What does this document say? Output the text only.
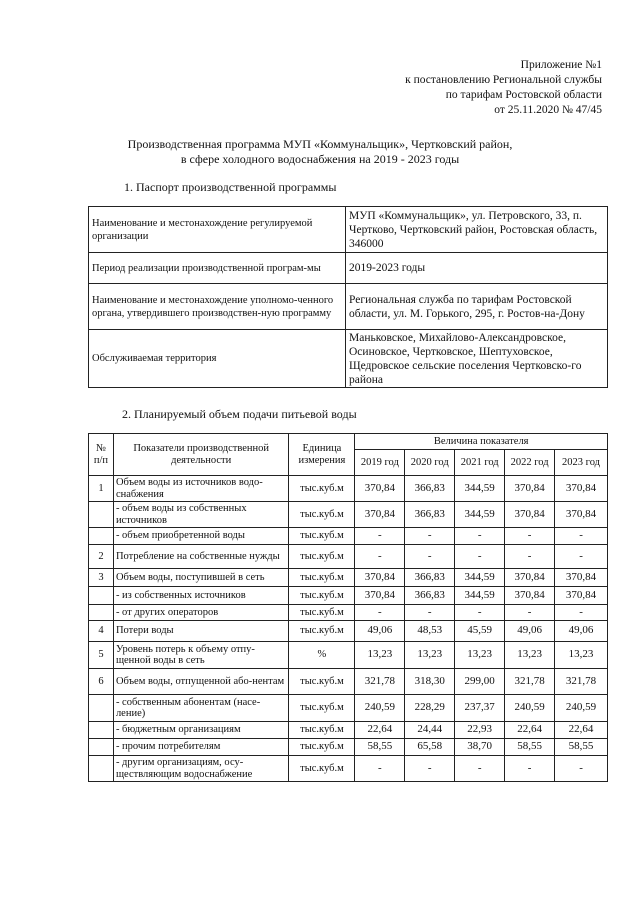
Приложение №1
к постановлению Региональной службы
по тарифам Ростовской области
от 25.11.2020 № 47/45
Производственная программа МУП «Коммунальщик», Чертковский район,
в сфере холодного водоснабжения на 2019 - 2023 годы
1. Паспорт производственной программы
Наименование и местонахождение регулируемой организации	МУП «Коммунальщик», ул. Петровского, 33, п. Чертково, Чертковский район, Ростовская область, 346000
Период реализации производственной програм-мы	2019-2023 годы
Наименование и местонахождение уполномо-ченного органа, утвердившего производствен-ную программу	Региональная служба по тарифам Ростовской области, ул. М. Горького, 295, г. Ростов-на-Дону
Обслуживаемая территория	Маньковское, Михайлово-Александровское, Осиновское, Чертковское, Шептуховское, Щедровское сельские поселения Чертковско-го района
2. Планируемый объем подачи питьевой воды
№ п/п	Показатели производственной деятельности	Единица измерения	Величина показателя				
			2019 год	2020 год	2021 год	2022 год	2023 год
1	Объем воды из источников водо-снабжения	тыс.куб.м	370,84	366,83	344,59	370,84	370,84
	- объем воды из собственных источников	тыс.куб.м	370,84	366,83	344,59	370,84	370,84
	- объем приобретенной воды	тыс.куб.м	-	-	-	-	-
2	Потребление на собственные нужды	тыс.куб.м	-	-	-	-	-
3	Объем воды, поступившей в сеть	тыс.куб.м	370,84	366,83	344,59	370,84	370,84
	- из собственных источников	тыс.куб.м	370,84	366,83	344,59	370,84	370,84
	- от других операторов	тыс.куб.м	-	-	-	-	-
4	Потери воды	тыс.куб.м	49,06	48,53	45,59	49,06	49,06
5	Уровень потерь к объему отпу-щенной воды в сеть	%	13,23	13,23	13,23	13,23	13,23
6	Объем воды, отпущенной або-нентам	тыс.куб.м	321,78	318,30	299,00	321,78	321,78
	- собственным абонентам (насе-ление)	тыс.куб.м	240,59	228,29	237,37	240,59	240,59
	- бюджетным организациям	тыс.куб.м	22,64	24,44	22,93	22,64	22,64
	- прочим потребителям	тыс.куб.м	58,55	65,58	38,70	58,55	58,55
	- другим организациям, осу-ществляющим водоснабжение	тыс.куб.м	-	-	-	-	-
